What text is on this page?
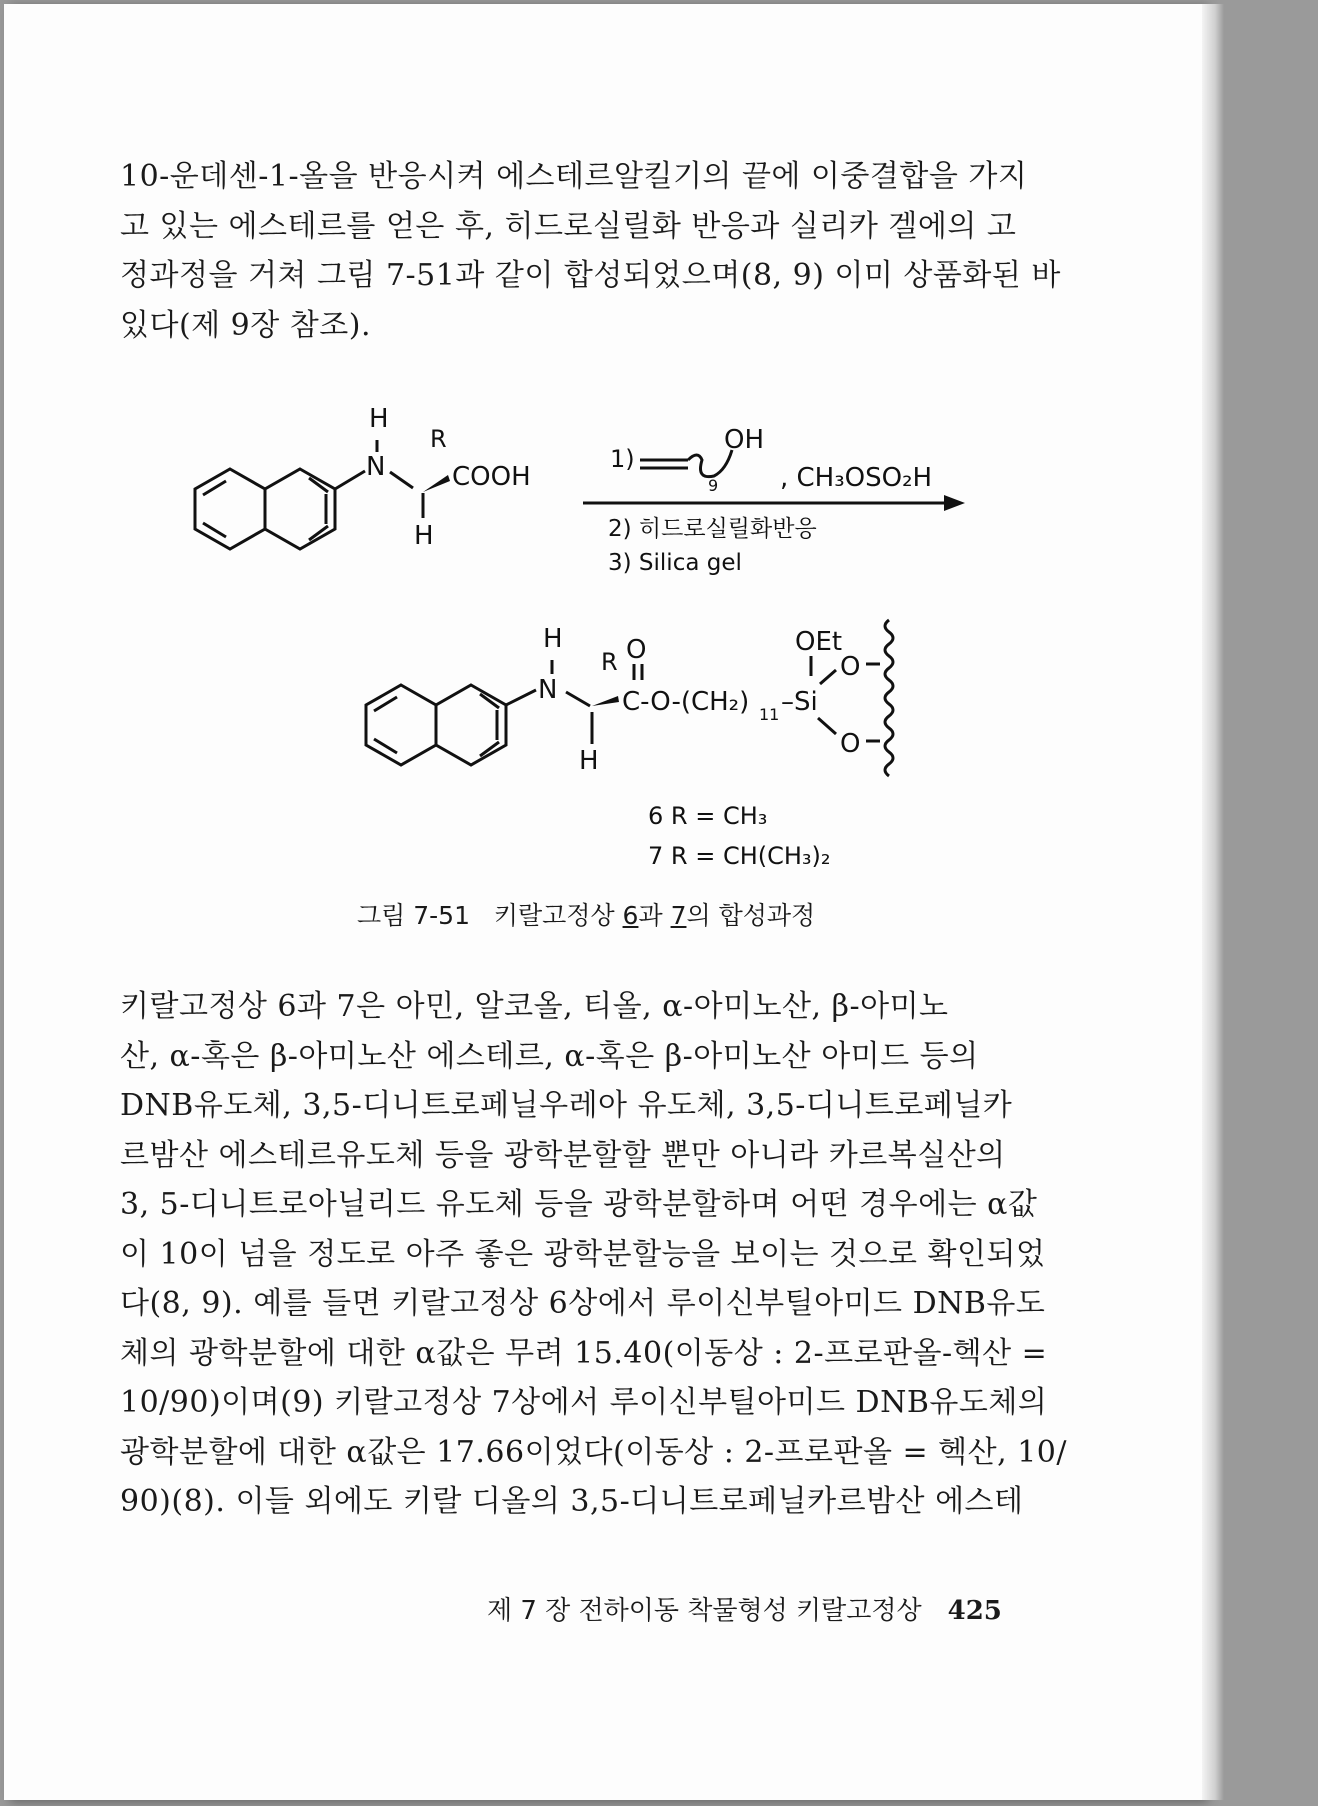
10-운데센-1-올을 반응시켜 에스테르알킬기의 끝에 이중결합을 가지
고 있는 에스테르를 얻은 후, 히드로실릴화 반응과 실리카 겔에의 고
정과정을 거쳐 그림 7-51과 같이 합성되었으며(8, 9) 이미 상품화된 바
있다(제 9장 참조).
H
N
R
COOH
H
1)
OH
9 , CH₃OSO₂H
2) 히드로실릴화반응
3) Silica gel
H
N
R O
C-O-(CH₂) 11 –Si
OEt
O
O
H
6 R = CH₃
7 R = CH(CH₃)₂
그림 7-51 키랄고정상 6과 7의 합성과정
키랄고정상 6과 7은 아민, 알코올, 티올, α-아미노산, β-아미노
산, α-혹은 β-아미노산 에스테르, α-혹은 β-아미노산 아미드 등의
DNB유도체, 3,5-디니트로페닐우레아 유도체, 3,5-디니트로페닐카
르밤산 에스테르유도체 등을 광학분할할 뿐만 아니라 카르복실산의
3, 5-디니트로아닐리드 유도체 등을 광학분할하며 어떤 경우에는 α값
이 10이 넘을 정도로 아주 좋은 광학분할능을 보이는 것으로 확인되었
다(8, 9). 예를 들면 키랄고정상 6상에서 루이신부틸아미드 DNB유도
체의 광학분할에 대한 α값은 무려 15.40(이동상 : 2-프로판올-헥산 =
10/90)이며(9) 키랄고정상 7상에서 루이신부틸아미드 DNB유도체의
광학분할에 대한 α값은 17.66이었다(이동상 : 2-프로판올 = 헥산, 10/
90)(8). 이들 외에도 키랄 디올의 3,5-디니트로페닐카르밤산 에스테
제 7 장 전하이동 착물형성 키랄고정상 425
